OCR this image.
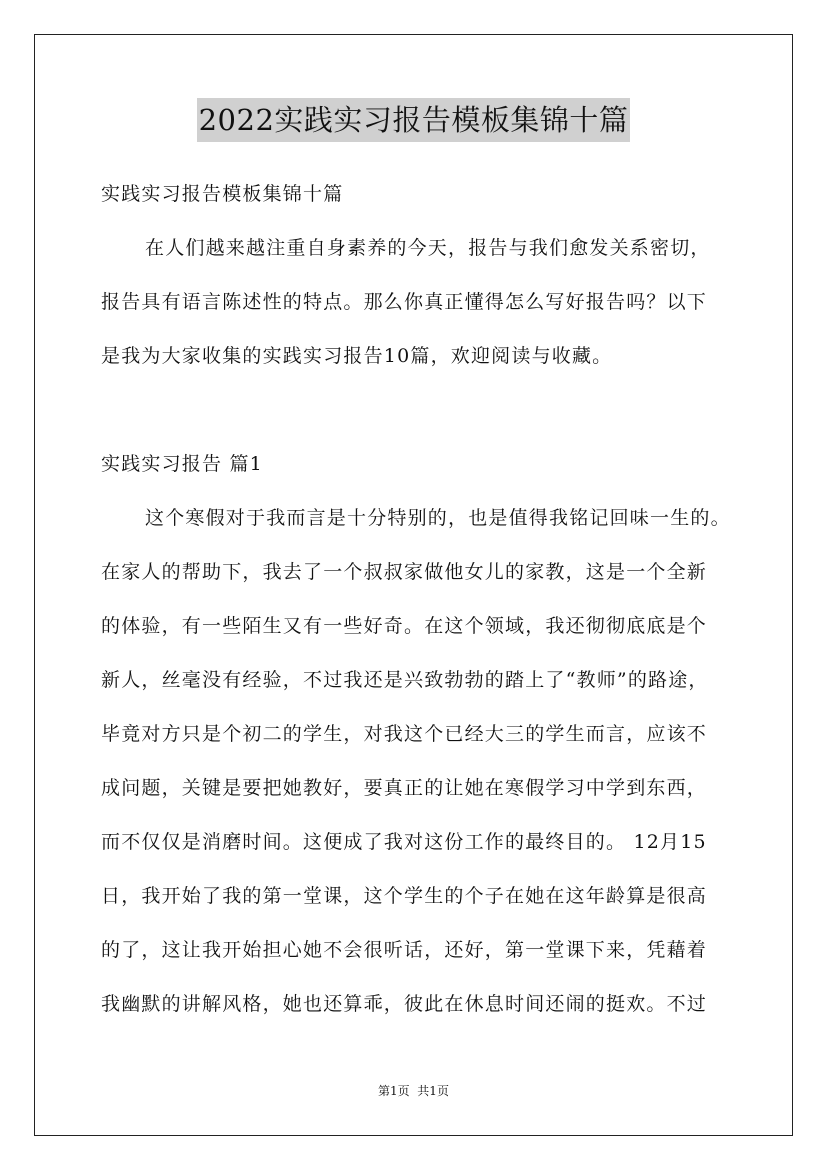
2022实践实习报告模板集锦十篇
实践实习报告模板集锦十篇
在人们越来越注重自身素养的今天，报告与我们愈发关系密切，
报告具有语言陈述性的特点。那么你真正懂得怎么写好报告吗？以下
是我为大家收集的实践实习报告10篇，欢迎阅读与收藏。
实践实习报告 篇1
这个寒假对于我而言是十分特别的，也是值得我铭记回味一生的。
在家人的帮助下，我去了一个叔叔家做他女儿的家教，这是一个全新
的体验，有一些陌生又有一些好奇。在这个领域，我还彻彻底底是个
新人，丝毫没有经验，不过我还是兴致勃勃的踏上了“教师”的路途，
毕竟对方只是个初二的学生，对我这个已经大三的学生而言，应该不
成问题，关键是要把她教好，要真正的让她在寒假学习中学到东西，
而不仅仅是消磨时间。这便成了我对这份工作的最终目的。 12月15
日，我开始了我的第一堂课，这个学生的个子在她在这年龄算是很高
的了，这让我开始担心她不会很听话，还好，第一堂课下来，凭藉着
我幽默的讲解风格，她也还算乖，彼此在休息时间还闹的挺欢。不过
第1页  共1页
